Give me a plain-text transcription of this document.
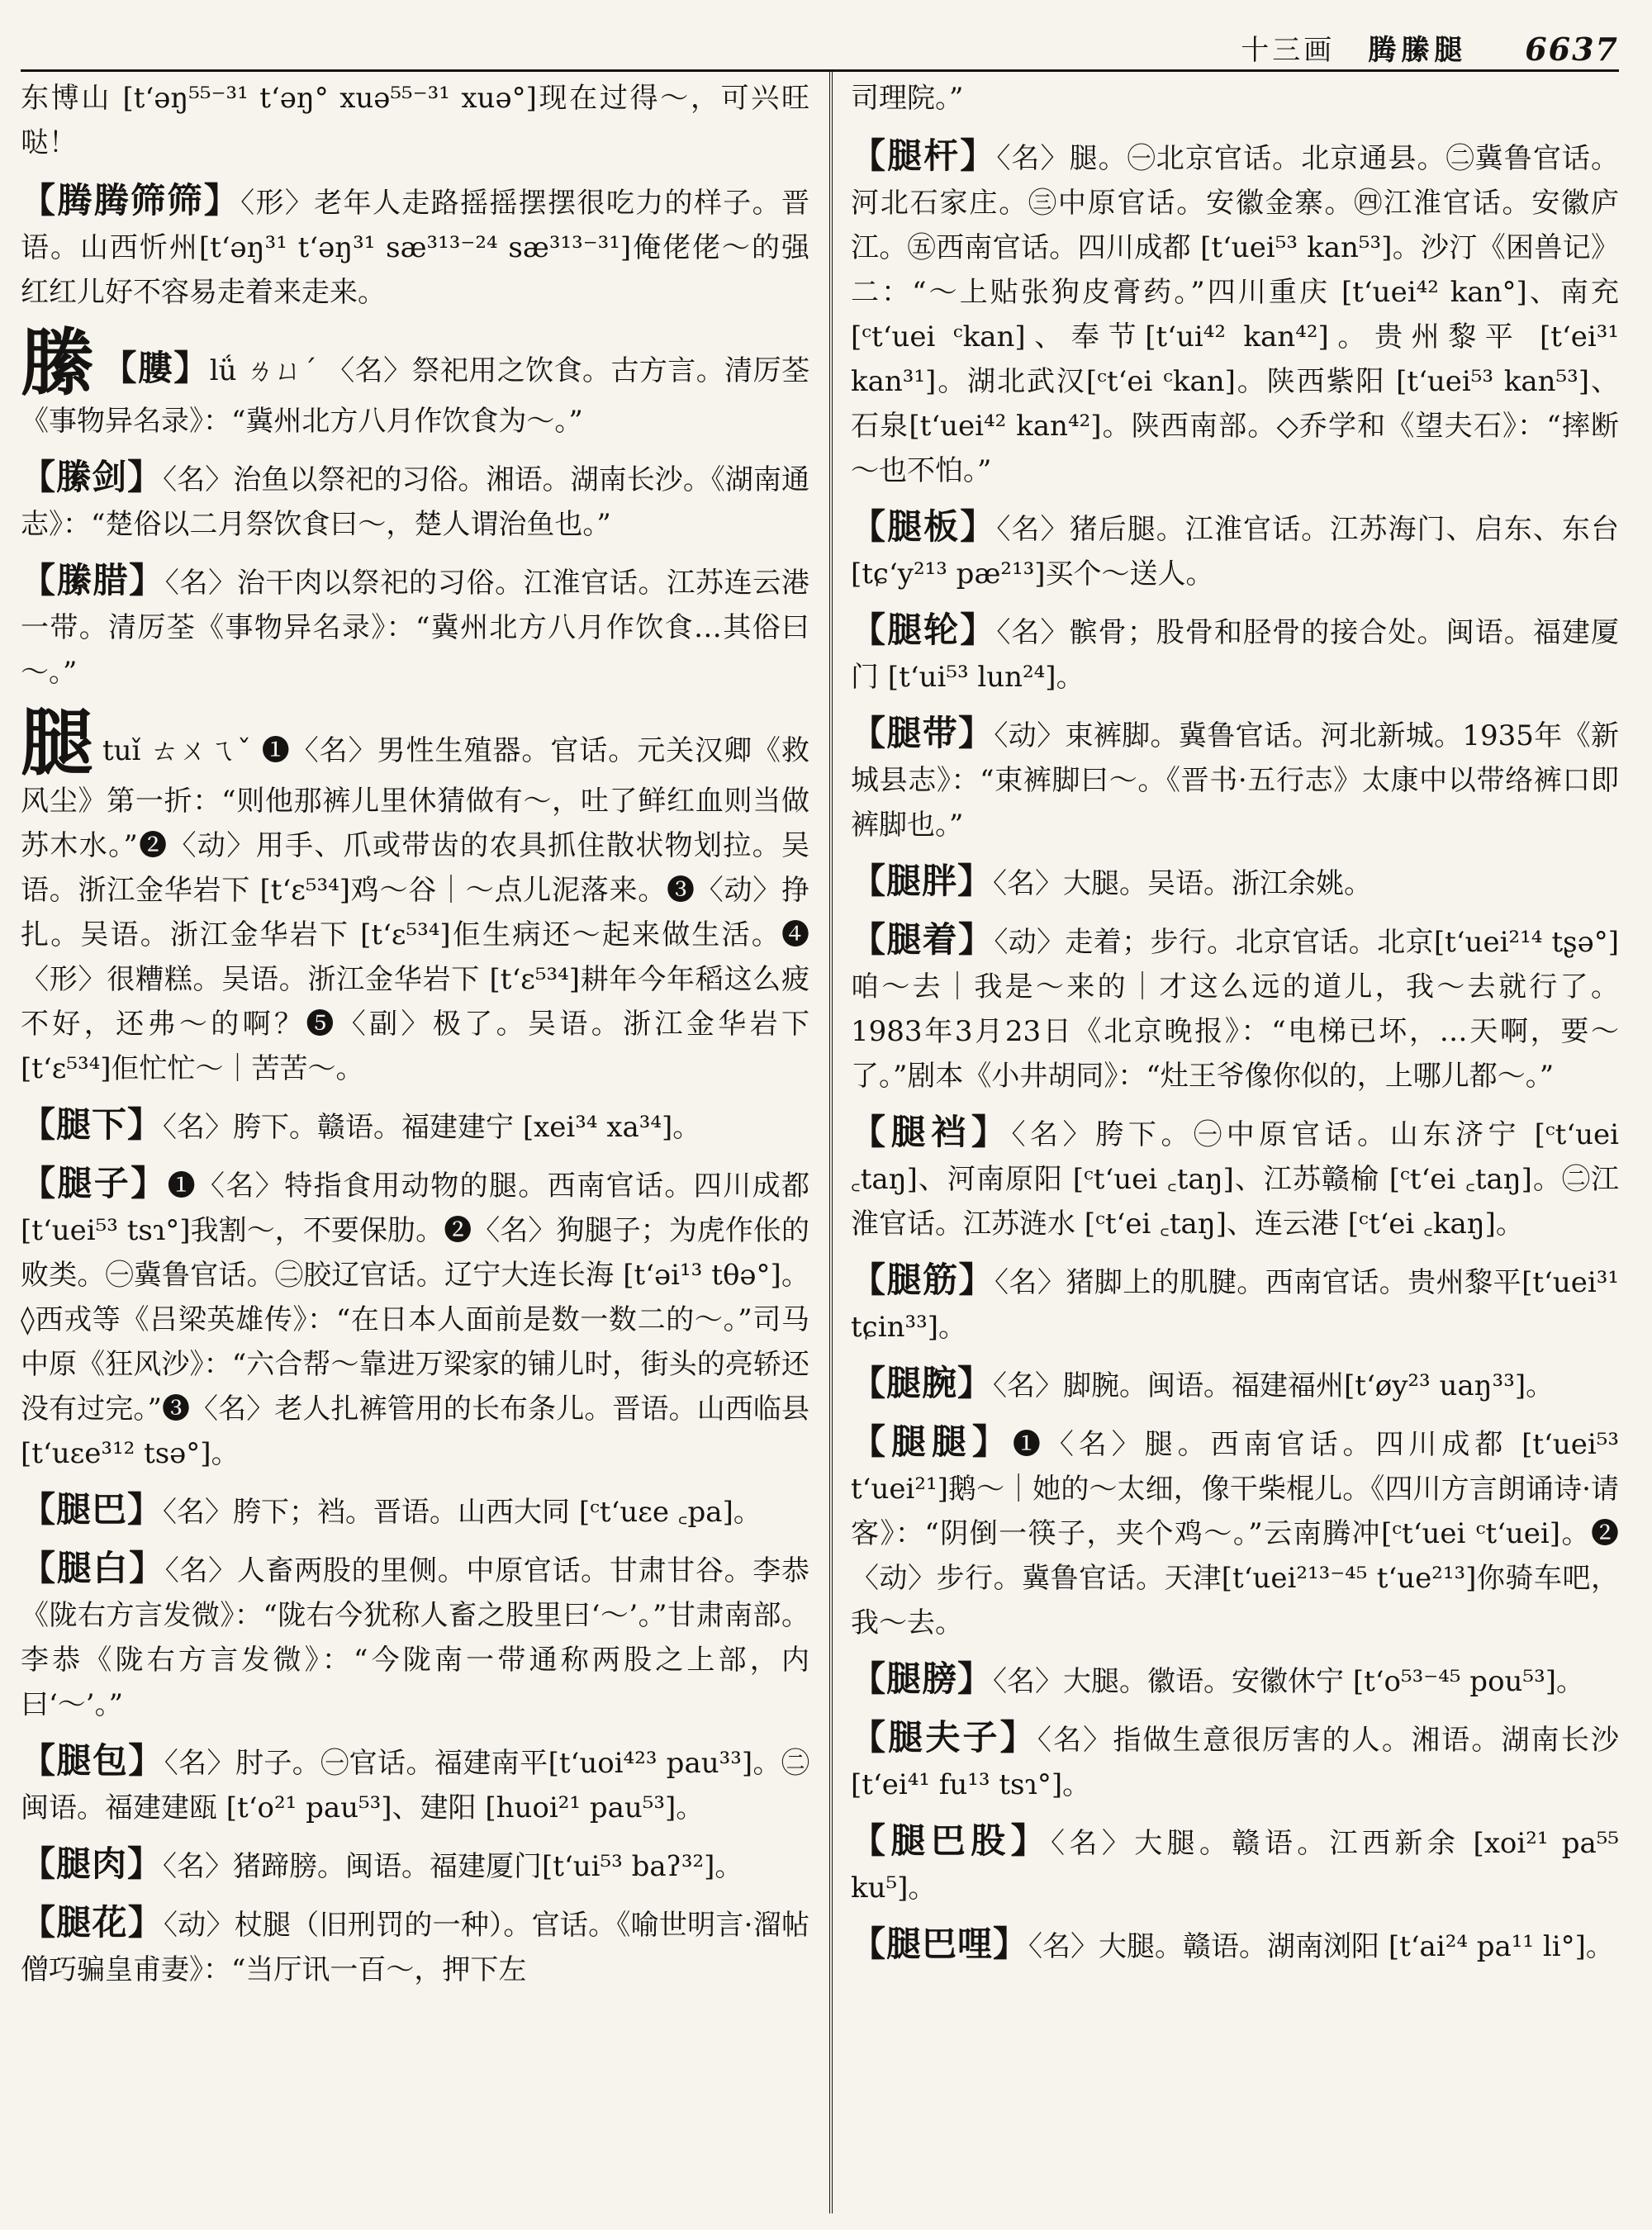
十三画 腾縢腿 6637

东博山 [t‘əŋ⁵⁵⁻³¹ t‘əŋ° xuə⁵⁵⁻³¹ xuə°]现在过得～，可兴旺哒！

【腾腾筛筛】〈形〉老年人走路摇摇摆摆很吃力的样子。晋语。山西忻州[t‘əŋ³¹ t‘əŋ³¹ sæ³¹³⁻²⁴ sæ³¹³⁻³¹]俺佬佬～的强红红儿好不容易走着来走来。

縢 【膢】lǘ ㄌㄩˊ 〈名〉祭祀用之饮食。古方言。清厉荃《事物异名录》：“冀州北方八月作饮食为～。”

【縢剑】〈名〉治鱼以祭祀的习俗。湘语。湖南长沙。《湖南通志》：“楚俗以二月祭饮食曰～，楚人谓治鱼也。”

【縢腊】〈名〉治干肉以祭祀的习俗。江淮官话。江苏连云港一带。清厉荃《事物异名录》：“冀州北方八月作饮食…其俗曰～。”

腿tuǐ ㄊㄨㄟˇ ❶〈名〉男性生殖器。官话。元关汉卿《救风尘》第一折：“则他那裤儿里休猜做有～，吐了鲜红血则当做苏木水。”❷〈动〉用手、爪或带齿的农具抓住散状物划拉。吴语。浙江金华岩下 [t‘ɛ⁵³⁴]鸡～谷｜～点儿泥落来。❸〈动〉挣扎。吴语。浙江金华岩下 [t‘ɛ⁵³⁴]佢生病还～起来做生活。❹〈形〉很糟糕。吴语。浙江金华岩下 [t‘ɛ⁵³⁴]耕年今年稻这么疲不好，还弗～的啊？❺〈副〉极了。吴语。浙江金华岩下[t‘ɛ⁵³⁴]佢忙忙～｜苦苦～。

【腿下】〈名〉胯下。赣语。福建建宁 [xei³⁴ xa³⁴]。

【腿子】❶〈名〉特指食用动物的腿。西南官话。四川成都 [t‘uei⁵³ tsɿ°]我割～，不要保肋。❷〈名〉狗腿子；为虎作伥的败类。㊀冀鲁官话。㊁胶辽官话。辽宁大连长海 [t‘əi¹³ tθə°]。◊西戎等《吕梁英雄传》：“在日本人面前是数一数二的～。”司马中原《狂风沙》：“六合帮～靠进万梁家的铺儿时，街头的亮轿还没有过完。”❸〈名〉老人扎裤管用的长布条儿。晋语。山西临县 [t‘uɛe³¹² tsə°]。

【腿巴】〈名〉胯下；裆。晋语。山西大同 [ᶜt‘uɛe ꜀pa]。

【腿白】〈名〉人畜两股的里侧。中原官话。甘肃甘谷。李恭《陇右方言发微》：“陇右今犹称人畜之股里曰‘～’。”甘肃南部。李恭《陇右方言发微》：“今陇南一带通称两股之上部，内曰‘～’。”

【腿包】〈名〉肘子。㊀官话。福建南平[t‘uoi⁴²³ pau³³]。㊁闽语。福建建瓯 [t‘o²¹ pau⁵³]、建阳 [huoi²¹ pau⁵³]。

【腿肉】〈名〉猪蹄膀。闽语。福建厦门[t‘ui⁵³ baʔ³²]。

【腿花】〈动〉杖腿（旧刑罚的一种）。官话。《喻世明言·溜帖僧巧骗皇甫妻》：“当厅讯一百～，押下左

司理院。”

【腿杆】〈名〉腿。㊀北京官话。北京通县。㊁冀鲁官话。河北石家庄。㊂中原官话。安徽金寨。㊃江淮官话。安徽庐江。㊄西南官话。四川成都 [t‘uei⁵³ kan⁵³]。沙汀《困兽记》二：“～上贴张狗皮膏药。”四川重庆 [t‘uei⁴² kan°]、南充[ᶜt‘uei ᶜkan]、奉节[t‘ui⁴² kan⁴²]。贵州黎平 [t‘ei³¹ kan³¹]。湖北武汉[ᶜt‘ei ᶜkan]。陕西紫阳 [t‘uei⁵³ kan⁵³]、石泉[t‘uei⁴² kan⁴²]。陕西南部。◇乔学和《望夫石》：“摔断～也不怕。”

【腿板】〈名〉猪后腿。江淮官话。江苏海门、启东、东台 [tɕ‘y²¹³ pæ²¹³]买个～送人。

【腿轮】〈名〉髌骨；股骨和胫骨的接合处。闽语。福建厦门 [t‘ui⁵³ lun²⁴]。

【腿带】〈动〉束裤脚。冀鲁官话。河北新城。1935年《新城县志》：“束裤脚曰～。《晋书·五行志》太康中以带络裤口即裤脚也。”

【腿胖】〈名〉大腿。吴语。浙江余姚。

【腿着】〈动〉走着；步行。北京官话。北京[t‘uei²¹⁴ tʂə°]咱～去｜我是～来的｜才这么远的道儿，我～去就行了。1983年3月23日《北京晚报》：“电梯已坏，…天啊，要～了。”剧本《小井胡同》：“灶王爷像你似的，上哪儿都～。”

【腿裆】〈名〉胯下。㊀中原官话。山东济宁 [ᶜt‘uei ꜀taŋ]、河南原阳 [ᶜt‘uei ꜀taŋ]、江苏赣榆 [ᶜt‘ei ꜀taŋ]。㊁江淮官话。江苏涟水 [ᶜt‘ei ꜀taŋ]、连云港 [ᶜt‘ei ꜀kaŋ]。

【腿筋】〈名〉猪脚上的肌腱。西南官话。贵州黎平[t‘uei³¹ tɕin³³]。

【腿腕】〈名〉脚腕。闽语。福建福州[t‘øy²³ uaŋ³³]。

【腿腿】❶〈名〉腿。西南官话。四川成都 [t‘uei⁵³ t‘uei²¹]鹅～｜她的～太细，像干柴棍儿。《四川方言朗诵诗·请客》：“阴倒一筷子，夹个鸡～。”云南腾冲[ᶜt‘uei ᶜt‘uei]。❷〈动〉步行。冀鲁官话。天津[t‘uei²¹³⁻⁴⁵ t‘ue²¹³]你骑车吧，我～去。

【腿膀】〈名〉大腿。徽语。安徽休宁 [t‘o⁵³⁻⁴⁵ pou⁵³]。

【腿夫子】〈名〉指做生意很厉害的人。湘语。湖南长沙 [t‘ei⁴¹ fu¹³ tsɿ°]。

【腿巴股】〈名〉大腿。赣语。江西新余 [xoi²¹ pa⁵⁵ ku⁵]。

【腿巴哩】〈名〉大腿。赣语。湖南浏阳 [t‘ai²⁴ pa¹¹ li°]。
